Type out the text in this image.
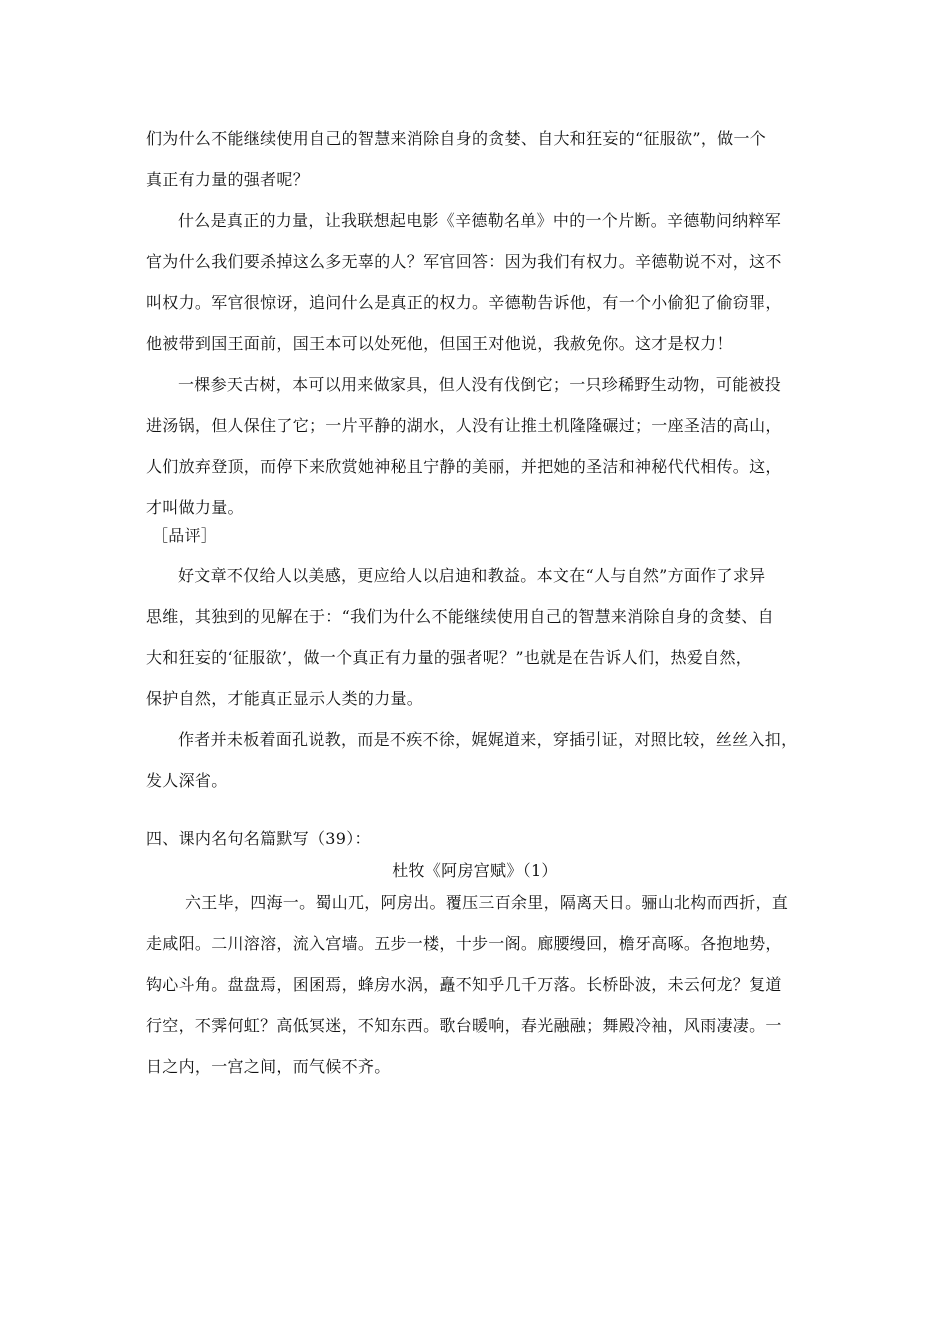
们为什么不能继续使用自己的智慧来消除自身的贪婪、自大和狂妄的“征服欲”，做一个
真正有力量的强者呢？
什么是真正的力量，让我联想起电影《辛德勒名单》中的一个片断。辛德勒问纳粹军
官为什么我们要杀掉这么多无辜的人？军官回答：因为我们有权力。辛德勒说不对，这不
叫权力。军官很惊讶，追问什么是真正的权力。辛德勒告诉他，有一个小偷犯了偷窃罪，
他被带到国王面前，国王本可以处死他，但国王对他说，我赦免你。这才是权力！
一棵参天古树，本可以用来做家具，但人没有伐倒它；一只珍稀野生动物，可能被投
进汤锅，但人保住了它；一片平静的湖水，人没有让推土机隆隆碾过；一座圣洁的高山，
人们放弃登顶，而停下来欣赏她神秘且宁静的美丽，并把她的圣洁和神秘代代相传。这，
才叫做力量。
［品评］
好文章不仅给人以美感，更应给人以启迪和教益。本文在“人与自然”方面作了求异
思维，其独到的见解在于：“我们为什么不能继续使用自己的智慧来消除自身的贪婪、自
大和狂妄的‘征服欲’，做一个真正有力量的强者呢？”也就是在告诉人们，热爱自然，
保护自然，才能真正显示人类的力量。
作者并未板着面孔说教，而是不疾不徐，娓娓道来，穿插引证，对照比较，丝丝入扣，
发人深省。
四、课内名句名篇默写（39）：
杜牧《阿房宫赋》（1）
六王毕，四海一。蜀山兀，阿房出。覆压三百余里，隔离天日。骊山北构而西折，直
走咸阳。二川溶溶，流入宫墙。五步一楼，十步一阁。廊腰缦回，檐牙高啄。各抱地势，
钩心斗角。盘盘焉，囷囷焉，蜂房水涡，矗不知乎几千万落。长桥卧波，未云何龙？复道
行空，不霁何虹？高低冥迷，不知东西。歌台暖响，春光融融；舞殿冷袖，风雨凄凄。一
日之内，一宫之间，而气候不齐。
